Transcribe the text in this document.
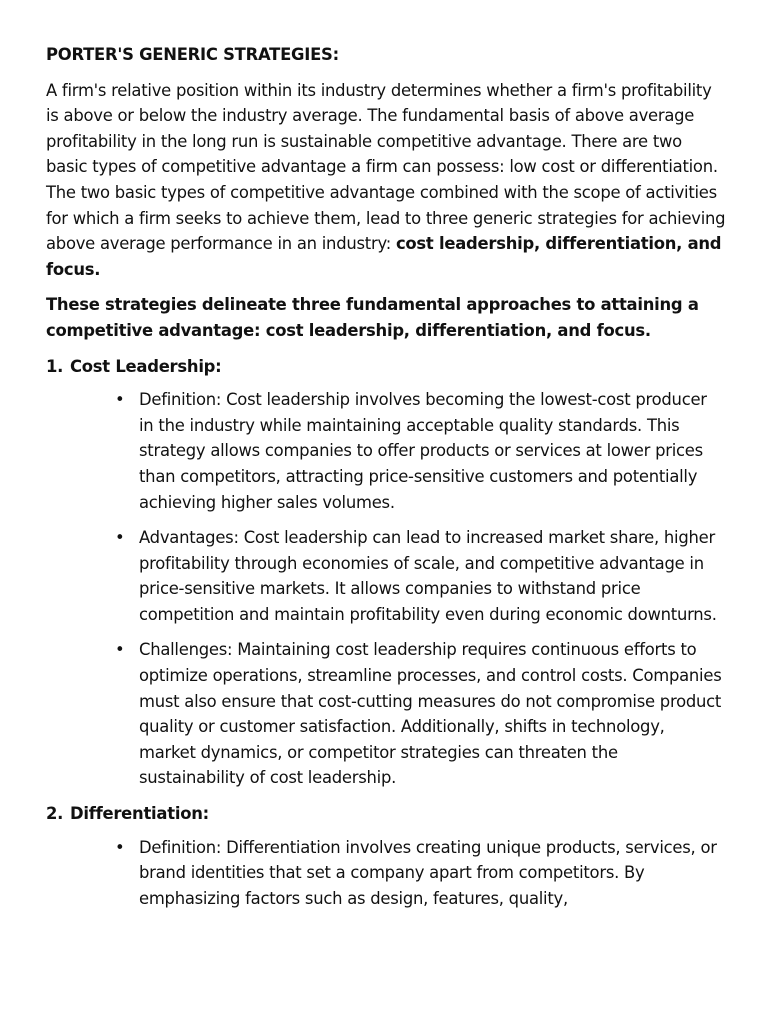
PORTER'S GENERIC STRATEGIES:
A firm's relative position within its industry determines whether a firm's profitability is above or below the industry average. The fundamental basis of above average profitability in the long run is sustainable competitive advantage. There are two basic types of competitive advantage a firm can possess: low cost or differentiation. The two basic types of competitive advantage combined with the scope of activities for which a firm seeks to achieve them, lead to three generic strategies for achieving above average performance in an industry: cost leadership, differentiation, and focus.
These strategies delineate three fundamental approaches to attaining a competitive advantage: cost leadership, differentiation, and focus.
1. Cost Leadership:
• Definition: Cost leadership involves becoming the lowest-cost producer in the industry while maintaining acceptable quality standards. This strategy allows companies to offer products or services at lower prices than competitors, attracting price-sensitive customers and potentially achieving higher sales volumes.
• Advantages: Cost leadership can lead to increased market share, higher profitability through economies of scale, and competitive advantage in price-sensitive markets. It allows companies to withstand price competition and maintain profitability even during economic downturns.
• Challenges: Maintaining cost leadership requires continuous efforts to optimize operations, streamline processes, and control costs. Companies must also ensure that cost-cutting measures do not compromise product quality or customer satisfaction. Additionally, shifts in technology, market dynamics, or competitor strategies can threaten the sustainability of cost leadership.
2. Differentiation:
• Definition: Differentiation involves creating unique products, services, or brand identities that set a company apart from competitors. By emphasizing factors such as design, features, quality,
